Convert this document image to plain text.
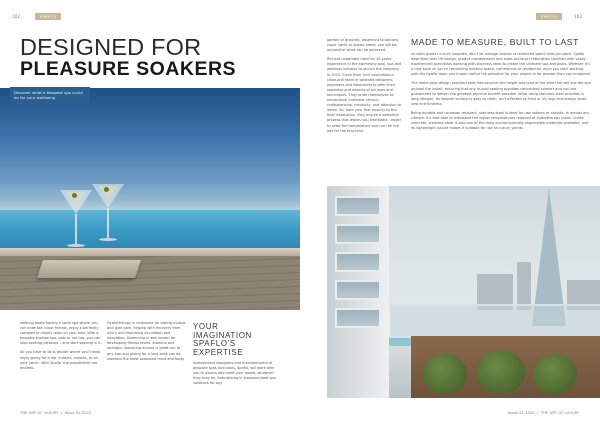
102	SPAFLO
DESIGNED FOR
PLEASURE SOAKERS

Discover what a bespoke spa could do for your wellbeing

Nothing beats having a swim spa where you can entertain close friends, enjoy a perfectly compact or simply relax on your own. With a bespoke shallow spa, pool or hot tub, you can stop seeking pleasure – and start soaking in it.

All you have to do is decide where you'll most enjoy going for a dip. Indoors, outside, or on your yacht. With Spaflo, the possibilities are endless.

Hydrotherapy is renowned for easing muscle and joint pain, helping with recovery from injury and improving circulation and relaxation. Swimming is well known for developing fitness levels, stamina and strength. Splashing around is great fun at any age and giving for a long soak can do wonders the most seasoned mind and body.

YOUR
IMAGINATION
SPAFLO'S
EXPERTISE

Independent designers and manufacturers of bespoke spas and pools, Spaflo, will work with you to assess and meet your needs, whatever they may be. Specializing in stainless steel spa solutions for any

THE ART OF LUXURY  |  Issue 51 2022
SPAFLO	103

garden or grounds, basement to balcony, super yacht or sports arena, you will be amazed at what can be achieved.

Richard Lewandon used his 16 years' experience in the swimming pool, spa and wellness industry to launch the company in 2019. Since then, he's assembled a close-knit team of talented designers, engineers and fabricators to offer their expertise and experts of art eyes and techniques. They pride themselves on exceptional customer service, craftsmanship, creativity, and attention to detail. So, from your first enquiry to the final installation, they ensure a seamless process that leaves you energised – eager to seize the temperature and turn on the jets for the first time.

MADE TO MEASURE, BUILT TO LAST

As each project is truly bespoke, don't let storage shapes or restricted space hold you back. Spaflo have their own UK design, project management and state-of-the-art fabrication facilities with vastly experienced specialists working with stainless steel to create the ultimate spa and pools. Whether it's a new build or you're converting existing space, commercial or residential, once you start working with the Spaflo team you'll soon realise the potential for your project is far greater than you imagined.

The meticulous design process takes into account the height and load of the area that will sue the spa on/pool the install, ensuring that any in-pool seating provides convenient comfort and you are guaranteed to deliver the greatest physical benefit possible. What using stainless steel provides is long lifespan; its smooth surface is easy to clean, isn't affected by frost or UV rays and always looks new and timeless.

Being durable and corrosion-resistant, stainless steel is ideal for use indoors or outside, in almost any climate. It's also able to withstand the higher temperatures required of hydrotherapy pools. Unlike concrete, stainless steel is also one of the most environmentally responsible materials available, and its lightweight nature makes it suitable for use on luxury yachts.

Issue 51 2022  |  THE ART OF LUXURY
